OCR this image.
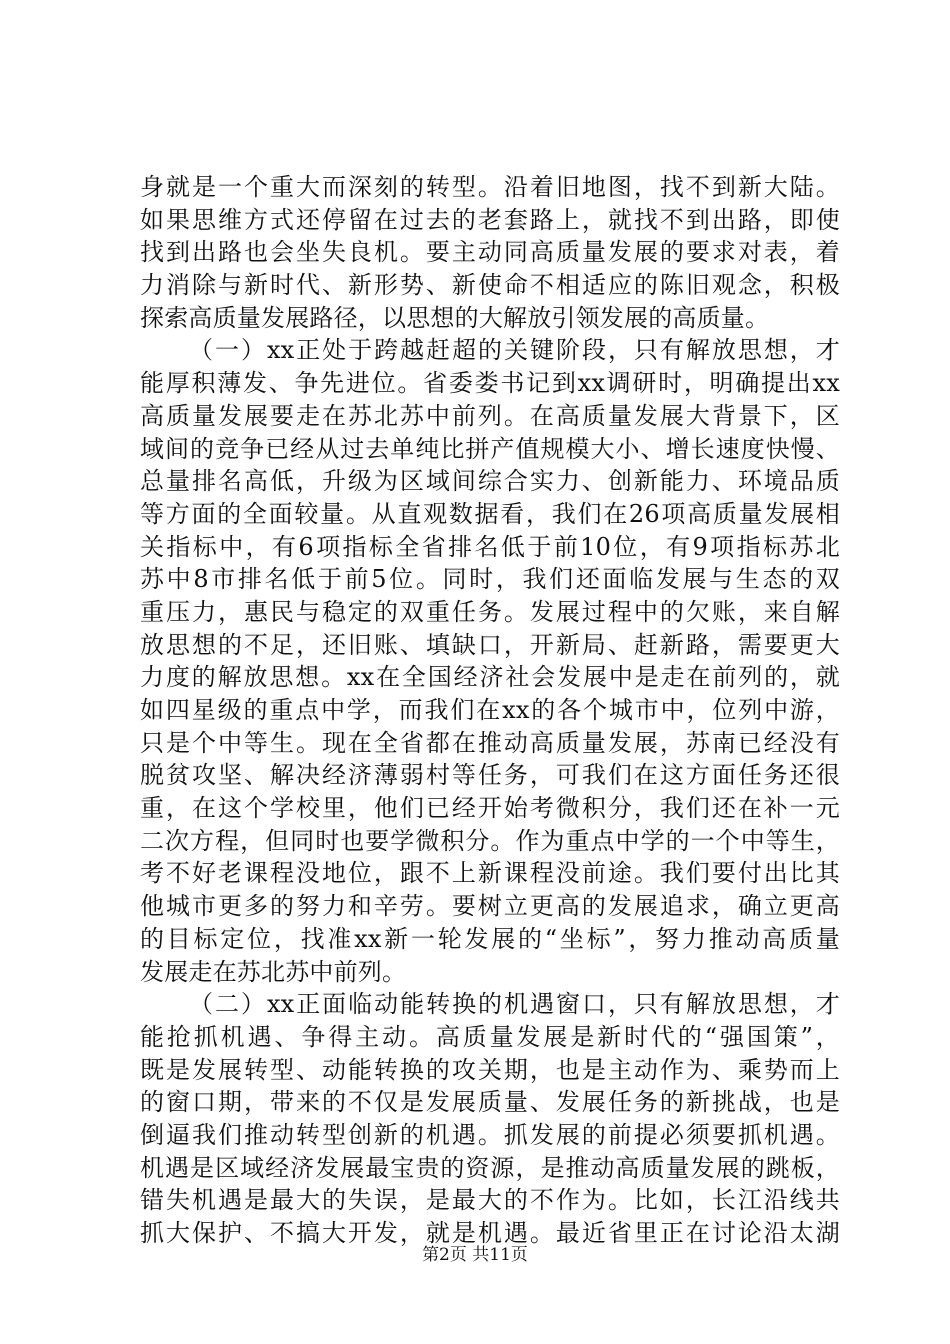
身就是一个重大而深刻的转型。沿着旧地图，找不到新大陆。
如果思维方式还停留在过去的老套路上，就找不到出路，即使
找到出路也会坐失良机。要主动同高质量发展的要求对表，着
力消除与新时代、新形势、新使命不相适应的陈旧观念，积极
探索高质量发展路径，以思想的大解放引领发展的高质量。
（一）xx正处于跨越赶超的关键阶段，只有解放思想，才
能厚积薄发、争先进位。省委娄书记到xx调研时，明确提出xx
高质量发展要走在苏北苏中前列。在高质量发展大背景下，区
域间的竞争已经从过去单纯比拼产值规模大小、增长速度快慢、
总量排名高低，升级为区域间综合实力、创新能力、环境品质
等方面的全面较量。从直观数据看，我们在26项高质量发展相
关指标中，有6项指标全省排名低于前10位，有9项指标苏北
苏中8市排名低于前5位。同时，我们还面临发展与生态的双
重压力，惠民与稳定的双重任务。发展过程中的欠账，来自解
放思想的不足，还旧账、填缺口，开新局、赶新路，需要更大
力度的解放思想。xx在全国经济社会发展中是走在前列的，就
如四星级的重点中学，而我们在xx的各个城市中，位列中游，
只是个中等生。现在全省都在推动高质量发展，苏南已经没有
脱贫攻坚、解决经济薄弱村等任务，可我们在这方面任务还很
重，在这个学校里，他们已经开始考微积分，我们还在补一元
二次方程，但同时也要学微积分。作为重点中学的一个中等生，
考不好老课程没地位，跟不上新课程没前途。我们要付出比其
他城市更多的努力和辛劳。要树立更高的发展追求，确立更高
的目标定位，找准xx新一轮发展的“坐标”，努力推动高质量
发展走在苏北苏中前列。
（二）xx正面临动能转换的机遇窗口，只有解放思想，才
能抢抓机遇、争得主动。高质量发展是新时代的“强国策”，
既是发展转型、动能转换的攻关期，也是主动作为、乘势而上
的窗口期，带来的不仅是发展质量、发展任务的新挑战，也是
倒逼我们推动转型创新的机遇。抓发展的前提必须要抓机遇。
机遇是区域经济发展最宝贵的资源，是推动高质量发展的跳板，
错失机遇是最大的失误，是最大的不作为。比如，长江沿线共
抓大保护、不搞大开发，就是机遇。最近省里正在讨论沿太湖
第2页 共11页
